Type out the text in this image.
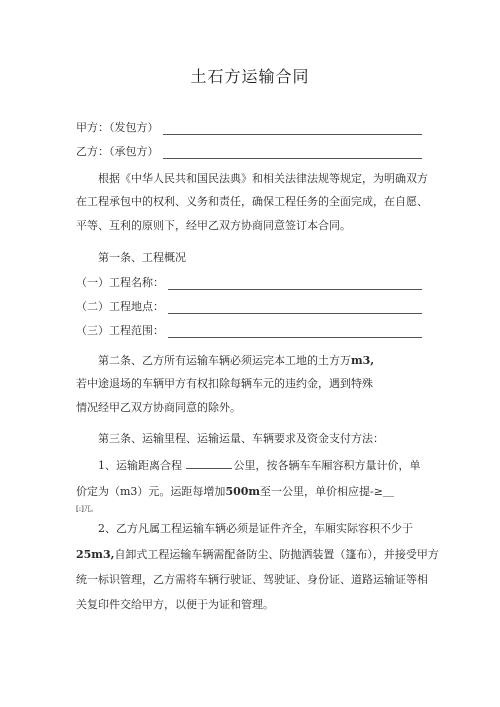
土石方运输合同
甲方：（发包方）
乙方：（承包方）
根据《中华人民共和国民法典》和相关法律法规等规定，为明确双方
在工程承包中的权利、义务和责任，确保工程任务的全面完成，在自愿、
平等、互利的原则下，经甲乙双方协商同意签订本合同。
第一条、工程概况
（一）工程名称：
（二）工程地点：
（三）工程范围：
第二条、乙方所有运输车辆必须运完本工地的土方万m3,
若中途退场的车辆甲方有权扣除每辆车元的违约金，遇到特殊
情况经甲乙双方协商同意的除外。
第三条、运输里程、运输运量、车辆要求及资金支付方法：
1、运输距离合程	公里，按各辆车车厢容积方量计价，单
价定为（m3）元。运距每增加500m至一公里，单价相应提-≥＿
[:]兀。
2、乙方凡属工程运输车辆必须是证件齐全，车厢实际容积不少于
25m3,自卸式工程运输车辆需配备防尘、防抛洒装置（篷布），并接受甲方
统一标识管理，乙方需将车辆行驶证、驾驶证、身份证、道路运输证等相
关复印件交给甲方，以便于为证和管理。
